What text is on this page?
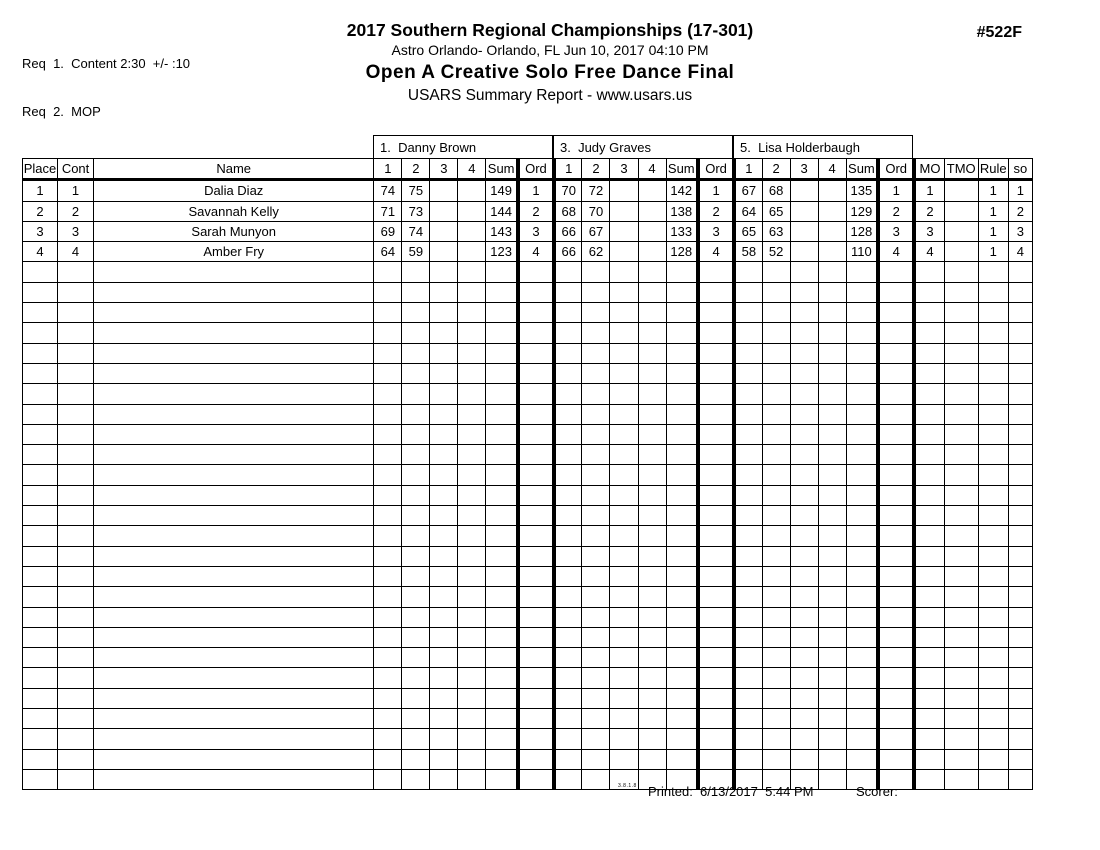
Req  1.  Content 2:30  +/- :10

Req  2.  MOP

2017 Southern Regional Championships (17-301)
Astro Orlando- Orlando, FL Jun 10, 2017 04:10 PM
Open A Creative Solo Free Dance Final
USARS Summary Report - www.usars.us
#522F
1.  Danny Brown	3.  Judy Graves	5.  Lisa Holderbaugh
Place	Cont	Name	1	2	3	4	Sum	Ord	1	2	3	4	Sum	Ord	1	2	3	4	Sum	Ord	MO	TMO	Rule	so
1	1	Dalia Diaz	74	75			149	1	70	72			142	1	67	68			135	1	1		1	1
2	2	Savannah Kelly	71	73			144	2	68	70			138	2	64	65			129	2	2		1	2
3	3	Sarah Munyon	69	74			143	3	66	67			133	3	65	63			128	3	3		1	3
4	4	Amber Fry	64	59			123	4	66	62			128	4	58	52			110	4	4		1	4

3.8.1.8 Printed:  6/13/2017  5:44 PM	Scorer:
